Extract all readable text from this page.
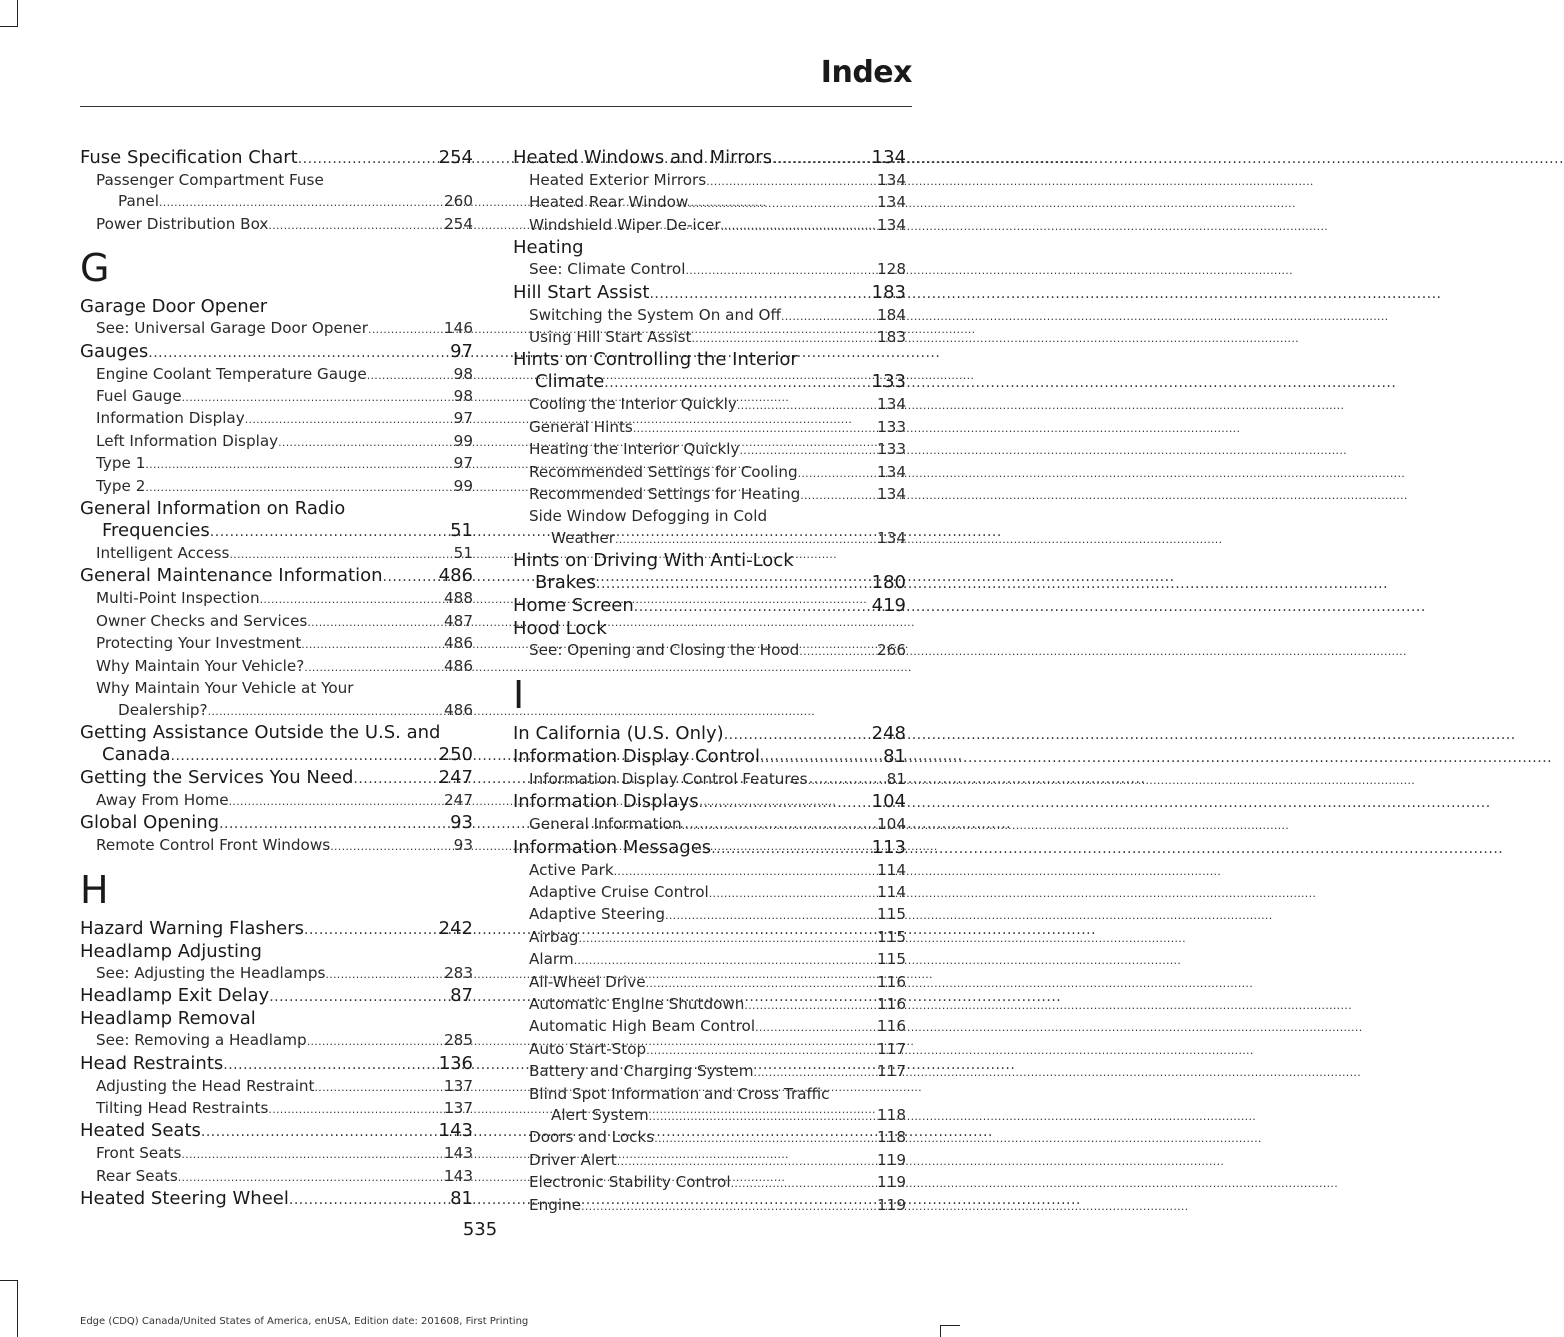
Index
Fuse Specification Chart .....	254
Passenger Compartment Fuse
Panel .....	260
Power Distribution Box .....	254
G
Garage Door Opener
See: Universal Garage Door Opener .....	146
Gauges .....	97
Engine Coolant Temperature Gauge .....	98
Fuel Gauge .....	98
Information Display .....	97
Left Information Display .....	99
Type 1 .....	97
Type 2 .....	99
General Information on Radio
Frequencies .....	51
Intelligent Access .....	51
General Maintenance Information .....	486
Multi-Point Inspection .....	488
Owner Checks and Services .....	487
Protecting Your Investment .....	486
Why Maintain Your Vehicle? .....	486
Why Maintain Your Vehicle at Your
Dealership? .....	486
Getting Assistance Outside the U.S. and
Canada .....	250
Getting the Services You Need .....	247
Away From Home .....	247
Global Opening .....	93
Remote Control Front Windows .....	93
H
Hazard Warning Flashers .....	242
Headlamp Adjusting
See: Adjusting the Headlamps .....	283
Headlamp Exit Delay .....	87
Headlamp Removal
See: Removing a Headlamp .....	285
Head Restraints .....	136
Adjusting the Head Restraint .....	137
Tilting Head Restraints .....	137
Heated Seats .....	143
Front Seats .....	143
Rear Seats .....	143
Heated Steering Wheel .....	81
Heated Windows and Mirrors .....	134
Heated Exterior Mirrors .....	134
Heated Rear Window .....	134
Windshield Wiper De-icer .....	134
Heating
See: Climate Control .....	128
Hill Start Assist .....	183
Switching the System On and Off .....	184
Using Hill Start Assist .....	183
Hints on Controlling the Interior
Climate .....	133
Cooling the Interior Quickly .....	134
General Hints .....	133
Heating the Interior Quickly .....	133
Recommended Settings for Cooling .....	134
Recommended Settings for Heating .....	134
Side Window Defogging in Cold
Weather .....	134
Hints on Driving With Anti-Lock
Brakes .....	180
Home Screen .....	419
Hood Lock
See: Opening and Closing the Hood .....	266
I
In California (U.S. Only) .....	248
Information Display Control .....	81
Information Display Control Features .....	81
Information Displays .....	104
General Information .....	104
Information Messages .....	113
Active Park .....	114
Adaptive Cruise Control .....	114
Adaptive Steering .....	115
Airbag .....	115
Alarm .....	115
All-Wheel Drive .....	116
Automatic Engine Shutdown .....	116
Automatic High Beam Control .....	116
Auto Start-Stop .....	117
Battery and Charging System .....	117
Blind Spot Information and Cross Traffic
Alert System .....	118
Doors and Locks .....	118
Driver Alert .....	119
Electronic Stability Control .....	119
Engine .....	119
535
Edge (CDQ) Canada/United States of America, enUSA, Edition date: 201608, First Printing
